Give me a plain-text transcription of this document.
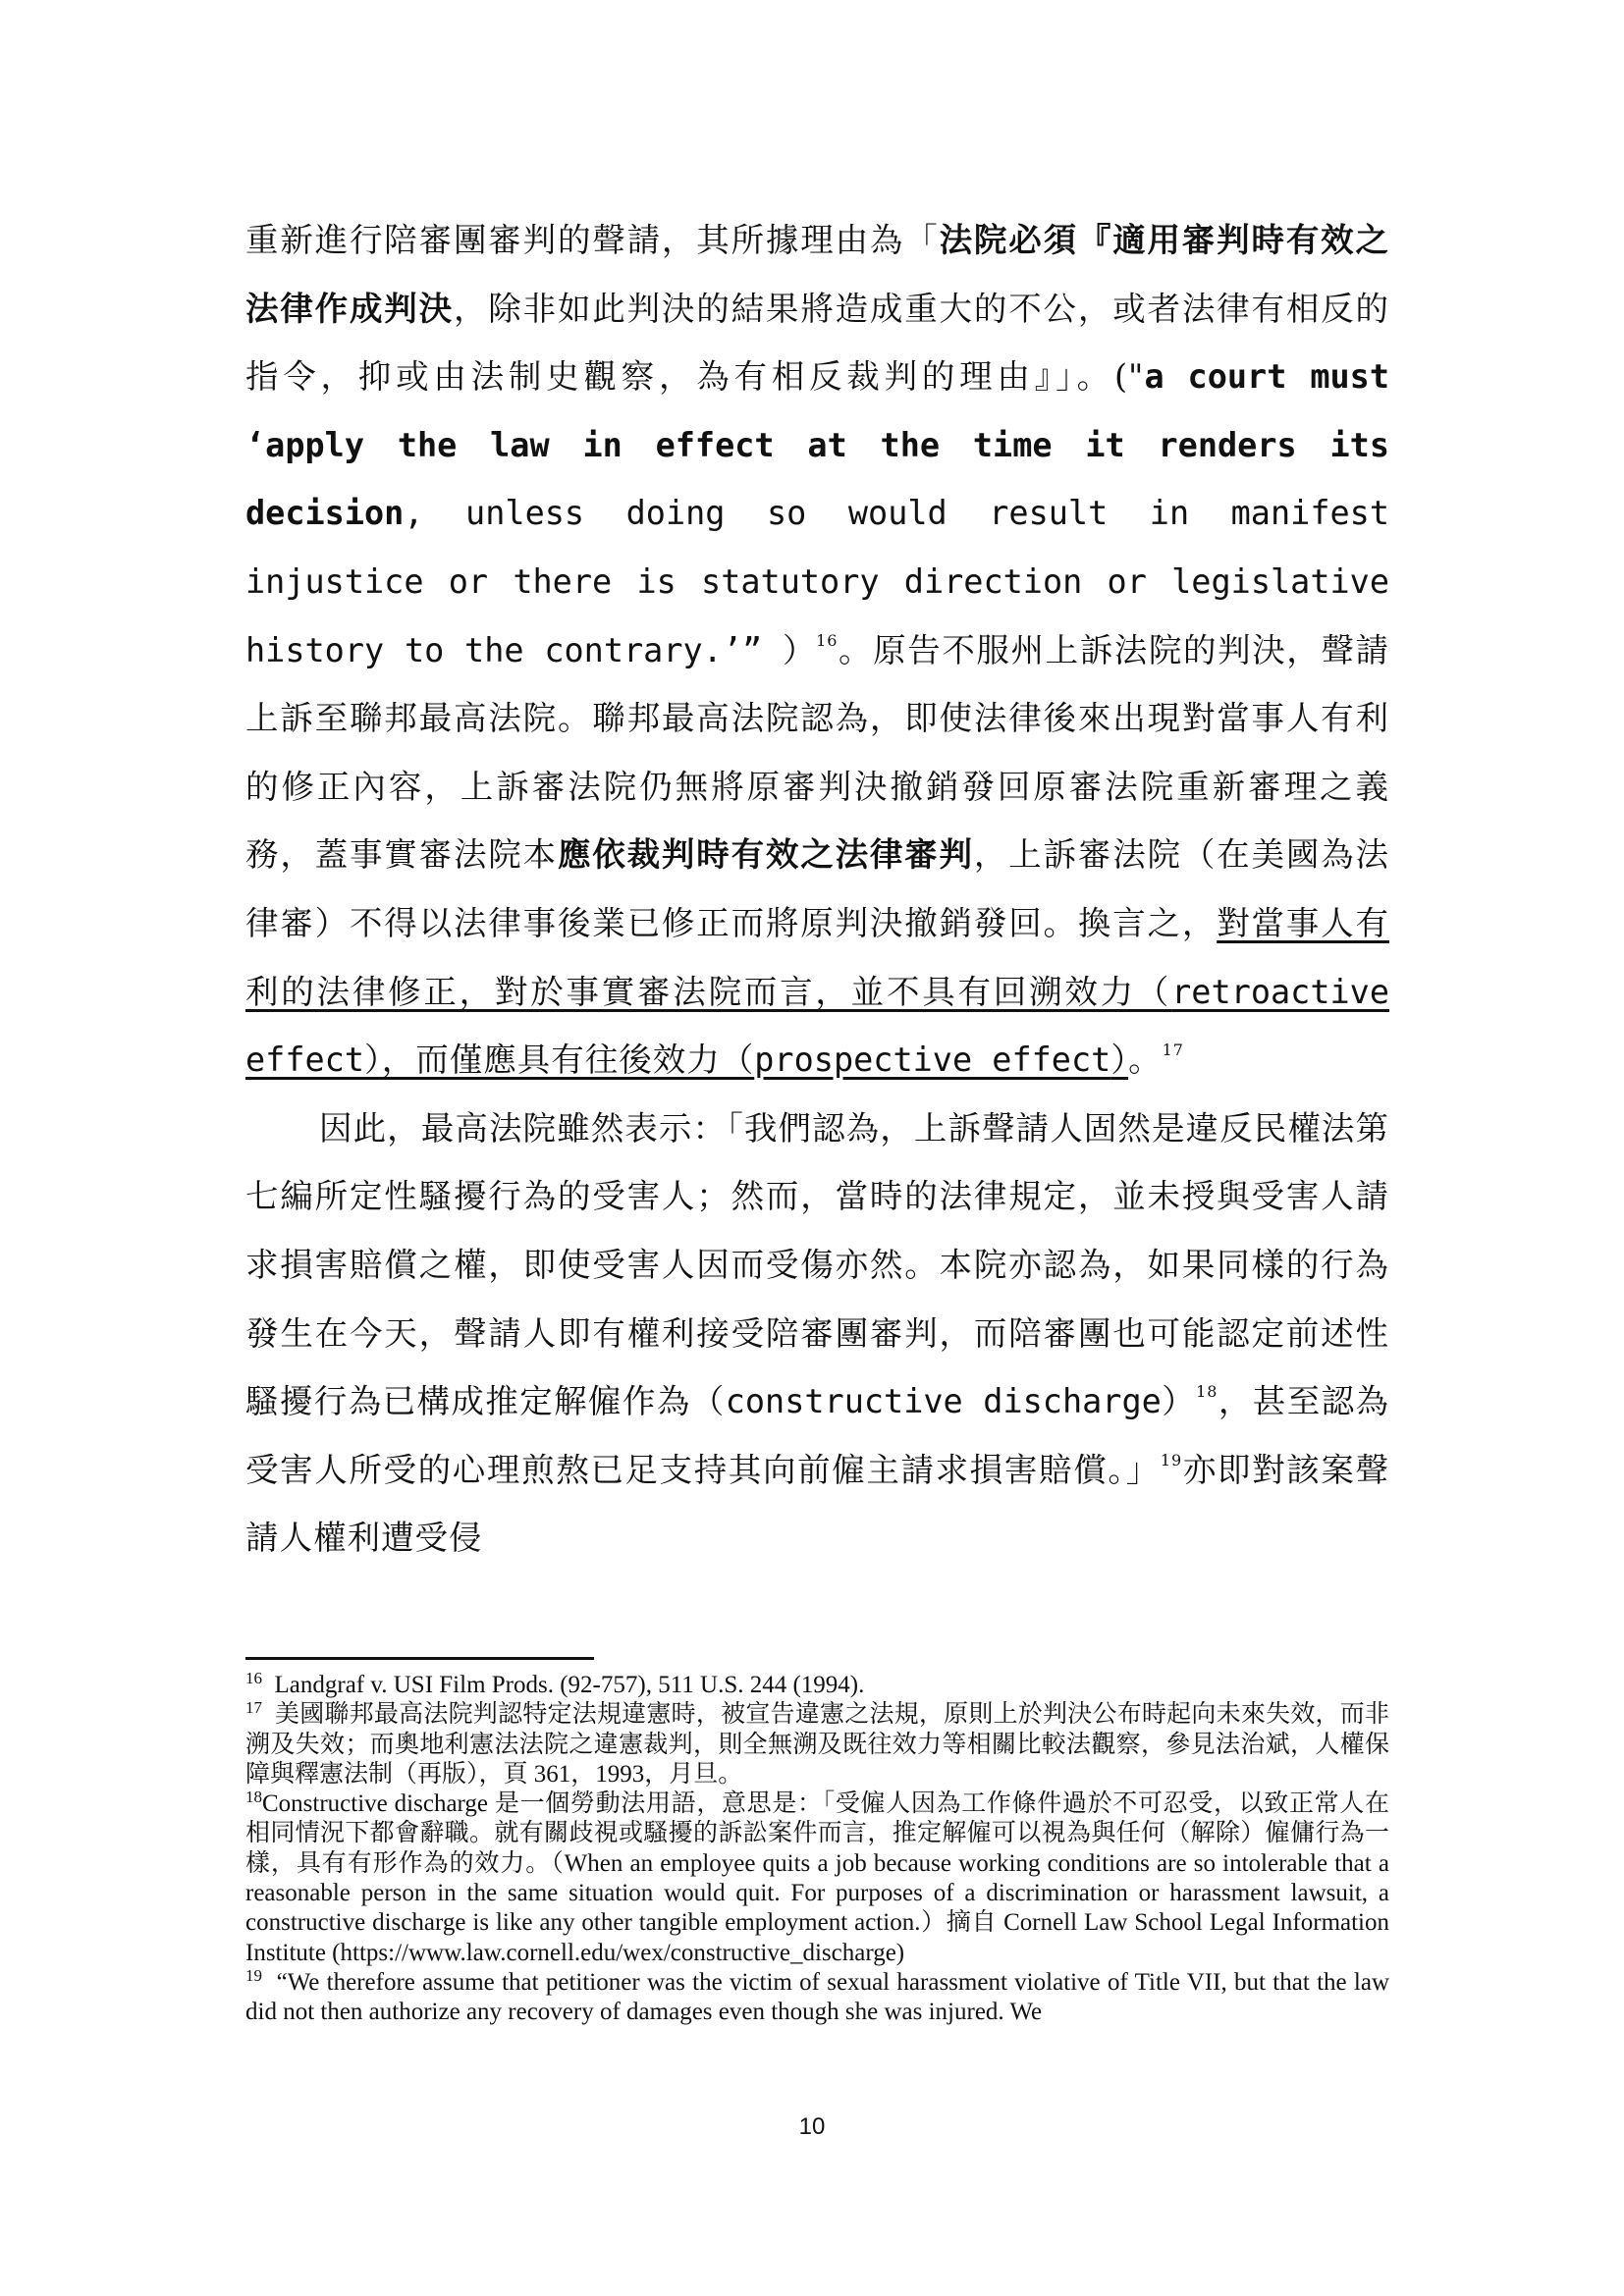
重新進行陪審團審判的聲請，其所據理由為「法院必須『適用審判時有效之法律作成判決，除非如此判決的結果將造成重大的不公，或者法律有相反的指令，抑或由法制史觀察，為有相反裁判的理由』」。("a court must ‘apply the law in effect at the time it renders its decision, unless doing so would result in manifest injustice or there is statutory direction or legislative history to the contrary.’” ）$^{16}$。原告不服州上訴法院的判決，聲請上訴至聯邦最高法院。聯邦最高法院認為，即使法律後來出現對當事人有利的修正內容，上訴審法院仍無將原審判決撤銷發回原審法院重新審理之義務，蓋事實審法院本應依裁判時有效之法律審判，上訴審法院（在美國為法律審）不得以法律事後業已修正而將原判決撤銷發回。換言之，對當事人有利的法律修正，對於事實審法院而言，並不具有回溯效力（retroactive effect），而僅應具有往後效力（prospective effect）。$^{17}$

因此，最高法院雖然表示：「我們認為，上訴聲請人固然是違反民權法第七編所定性騷擾行為的受害人；然而，當時的法律規定，並未授與受害人請求損害賠償之權，即使受害人因而受傷亦然。本院亦認為，如果同樣的行為發生在今天，聲請人即有權利接受陪審團審判，而陪審團也可能認定前述性騷擾行為已構成推定解僱作為（constructive discharge）$^{18}$，甚至認為受害人所受的心理煎熬已足支持其向前僱主請求損害賠償。」$^{19}$亦即對該案聲請人權利遭受侵

$^{16}$ Landgraf v. USI Film Prods. (92-757), 511 U.S. 244 (1994).

$^{17}$ 美國聯邦最高法院判認特定法規違憲時，被宣告違憲之法規，原則上於判決公布時起向未來失效，而非溯及失效；而奧地利憲法法院之違憲裁判，則全無溯及既往效力等相關比較法觀察，參見法治斌，人權保障與釋憲法制（再版），頁 361，1993，月旦。

$^{18}$Constructive discharge 是一個勞動法用語，意思是：「受僱人因為工作條件過於不可忍受，以致正常人在相同情況下都會辭職。就有關歧視或騷擾的訴訟案件而言，推定解僱可以視為與任何（解除）僱傭行為一樣，具有有形作為的效力。（When an employee quits a job because working conditions are so intolerable that a reasonable person in the same situation would quit. For purposes of a discrimination or harassment lawsuit, a constructive discharge is like any other tangible employment action.）摘自 Cornell Law School Legal Information Institute (https://www.law.cornell.edu/wex/constructive_discharge)

$^{19}$ “We therefore assume that petitioner was the victim of sexual harassment violative of Title VII, but that the law did not then authorize any recovery of damages even though she was injured. We

10
